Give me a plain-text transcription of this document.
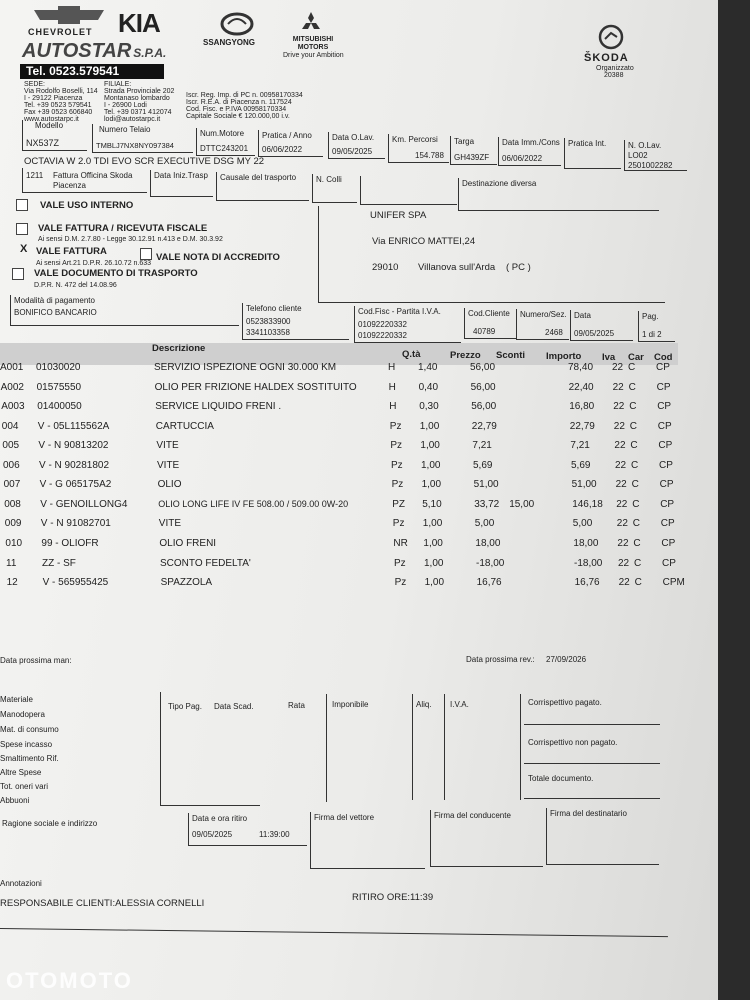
CHEVROLET KIA
SSANGYONG	MITSUBISHI MOTORS
Drive your Ambition	ŠKODA
Organizzato
20388
AUTOSTAR S.P.A.
Tel. 0523.579541
SEDE:
Via Rodolfo Boselli, 114
I - 29122 Piacenza
Tel. +39 0523 579541
Fax +39 0523 606840
www.autostarpc.it
FILIALE:
Strada Provinciale 202
Montanaso lombardo
I - 26900 Lodi
Tel. +39 0371 412074
lodi@autostarpc.it
Iscr. Reg. Imp. di PC n. 00958170334
Iscr. R.E.A. di Piacenza n. 117524
Cod. Fisc. e P.IVA 00958170334
Capitale Sociale € 120.000,00 i.v.
Modello
NX537Z
Numero Telaio
TMBLJ7NX8NY097384
Num.Motore
DTTC243201
Pratica / Anno
06/06/2022
Data O.Lav.
09/05/2025
Km. Percorsi
154.788
Targa
GH439ZF
Data Imm./Cons
06/06/2022
Pratica Int.	N. O.Lav.
LO02
2501002282
OCTAVIA W 2.0 TDI EVO SCR EXECUTIVE DSG MY 22
1211 Fattura Officina Skoda
Piacenza
Data Iniz.Trasp Causale del trasporto N. Colli	Destinazione diversa
VALE USO INTERNO
VALE FATTURA / RICEVUTA FISCALE
Ai sensi D.M. 2.7.80 - Legge 30.12.91 n.413 e D.M. 30.3.92
X VALE FATTURA
Ai sensi Art.21 D.P.R. 26.10.72 n.633
VALE NOTA DI ACCREDITO
VALE DOCUMENTO DI TRASPORTO
D.P.R. N. 472 del 14.08.96
UNIFER SPA
Via ENRICO MATTEI,24
29010 Villanova sull'Arda ( PC )
Modalità di pagamento
BONIFICO BANCARIO	Telefono cliente
0523833900
3341103358
Cod.Fisc - Partita I.V.A.
01092220332
01092220332
Cod.Cliente
40789
Numero/Sez.
2468
Data
09/05/2025
Pag.
1 di 2
Descrizione
Q.tà	Prezzo Sconti Importo Iva Car Cod
A001 01030020	SERVIZIO ISPEZIONE OGNI 30.000 KM	H 1,40	56,00	78,40 22 C CP
A002 01575550	OLIO PER FRIZIONE HALDEX SOSTITUITO	H 0,40	56,00	22,40 22 C CP
A003 01400050	SERVICE LIQUIDO FRENI .	H 0,30	56,00	16,80 22 C CP
004 V - 05L115562A	CARTUCCIA	Pz 1,00	22,79	22,79 22 C CP
005 V - N 90813202	VITE	Pz 1,00	7,21	7,21 22 C CP
006 V - N 90281802	VITE	Pz 1,00	5,69	5,69 22 C CP
007 V - G 065175A2	OLIO	Pz 1,00	51,00	51,00 22 C CP
008 V - GENOILLONG4	OLIO LONG LIFE IV FE 508.00 / 509.00 0W-20	PZ 5,10	33,72 15,00	146,18 22 C CP
009 V - N 91082701	VITE	Pz 1,00	5,00	5,00 22 C CP
010 99 - OLIOFR	OLIO FRENI	NR 1,00	18,00	18,00 22 C CP
11	ZZ - SF	SCONTO FEDELTA'	Pz 1,00	-18,00	-18,00 22 C CP
12 V - 565955425	SPAZZOLA	Pz 1,00	16,76	16,76 22 C CPM
Data prossima man:	Data prossima rev.: 27/09/2026
Materiale
Manodopera
Mat. di consumo
Spese incasso
Smaltimento Rif.
Altre Spese
Tot. oneri vari
Abbuoni
Tipo Pag. Data Scad.	Rata	Imponibile	Aliq. I.V.A.	Corrispettivo pagato.
Corrispettivo non pagato.
Totale documento.
Ragione sociale e indirizzo
Data e ora ritiro
09/05/2025	11:39:00
Firma del vettore	Firma del conducente	Firma del destinatario
Annotazioni
RESPONSABILE CLIENTI:ALESSIA CORNELLI
RITIRO ORE:11:39
OTOMOTO
